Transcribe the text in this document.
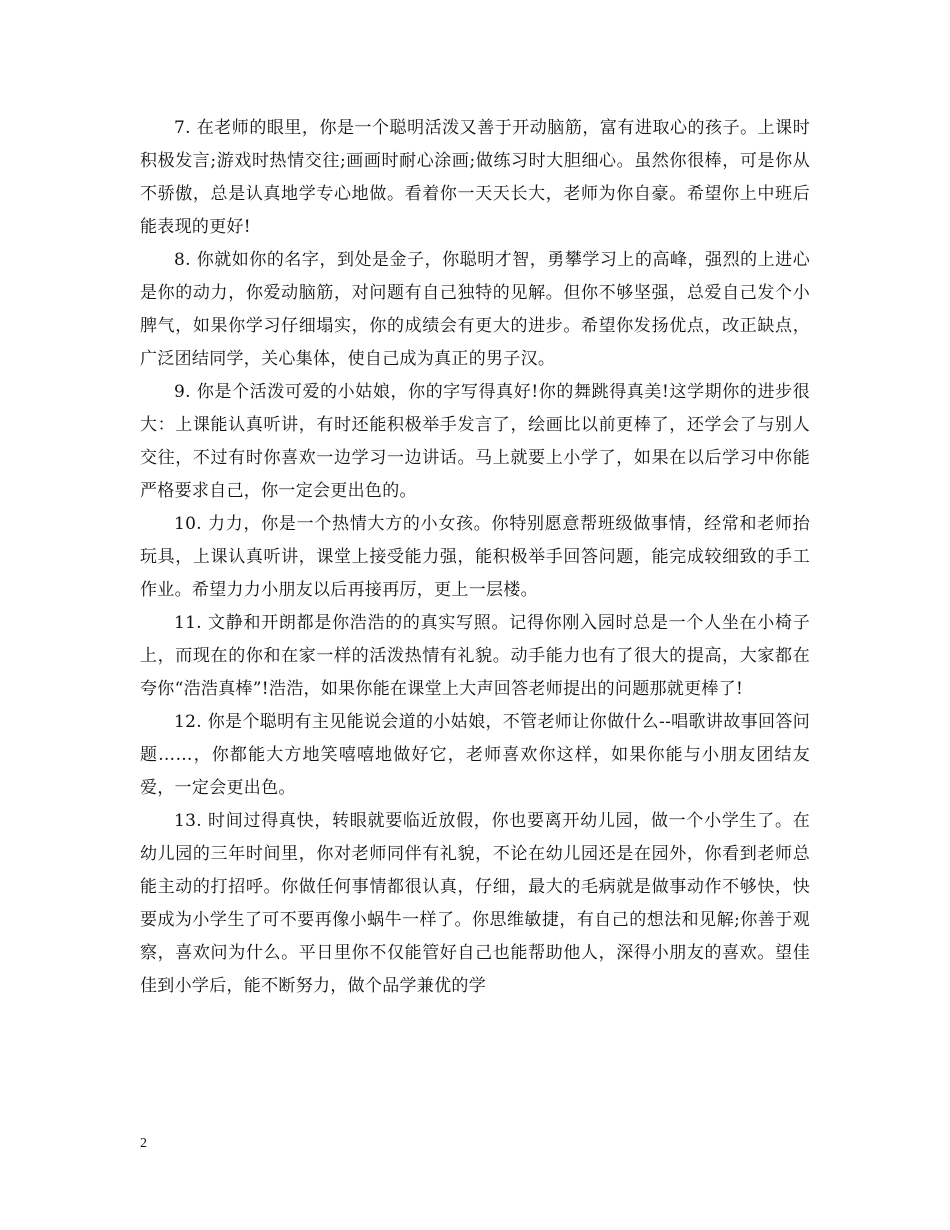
7. 在老师的眼里，你是一个聪明活泼又善于开动脑筋，富有进取心的孩子。上课时积极发言;游戏时热情交往;画画时耐心涂画;做练习时大胆细心。虽然你很棒，可是你从不骄傲，总是认真地学专心地做。看着你一天天长大，老师为你自豪。希望你上中班后能表现的更好!

8. 你就如你的名字，到处是金子，你聪明才智，勇攀学习上的高峰，强烈的上进心是你的动力，你爱动脑筋，对问题有自己独特的见解。但你不够坚强，总爱自己发个小脾气，如果你学习仔细塌实，你的成绩会有更大的进步。希望你发扬优点，改正缺点，广泛团结同学，关心集体，使自己成为真正的男子汉。

9. 你是个活泼可爱的小姑娘，你的字写得真好!你的舞跳得真美!这学期你的进步很大：上课能认真听讲，有时还能积极举手发言了，绘画比以前更棒了，还学会了与别人交往，不过有时你喜欢一边学习一边讲话。马上就要上小学了，如果在以后学习中你能严格要求自己，你一定会更出色的。

10. 力力，你是一个热情大方的小女孩。你特别愿意帮班级做事情，经常和老师抬玩具，上课认真听讲，课堂上接受能力强，能积极举手回答问题，能完成较细致的手工作业。希望力力小朋友以后再接再厉，更上一层楼。

11. 文静和开朗都是你浩浩的的真实写照。记得你刚入园时总是一个人坐在小椅子上，而现在的你和在家一样的活泼热情有礼貌。动手能力也有了很大的提高，大家都在夸你“浩浩真棒”!浩浩，如果你能在课堂上大声回答老师提出的问题那就更棒了!

12. 你是个聪明有主见能说会道的小姑娘，不管老师让你做什么--唱歌讲故事回答问题……，你都能大方地笑嘻嘻地做好它，老师喜欢你这样，如果你能与小朋友团结友爱，一定会更出色。

13. 时间过得真快，转眼就要临近放假，你也要离开幼儿园，做一个小学生了。在幼儿园的三年时间里，你对老师同伴有礼貌，不论在幼儿园还是在园外，你看到老师总能主动的打招呼。你做任何事情都很认真，仔细，最大的毛病就是做事动作不够快，快要成为小学生了可不要再像小蜗牛一样了。你思维敏捷，有自己的想法和见解;你善于观察，喜欢问为什么。平日里你不仅能管好自己也能帮助他人，深得小朋友的喜欢。望佳佳到小学后，能不断努力，做个品学兼优的学

2
